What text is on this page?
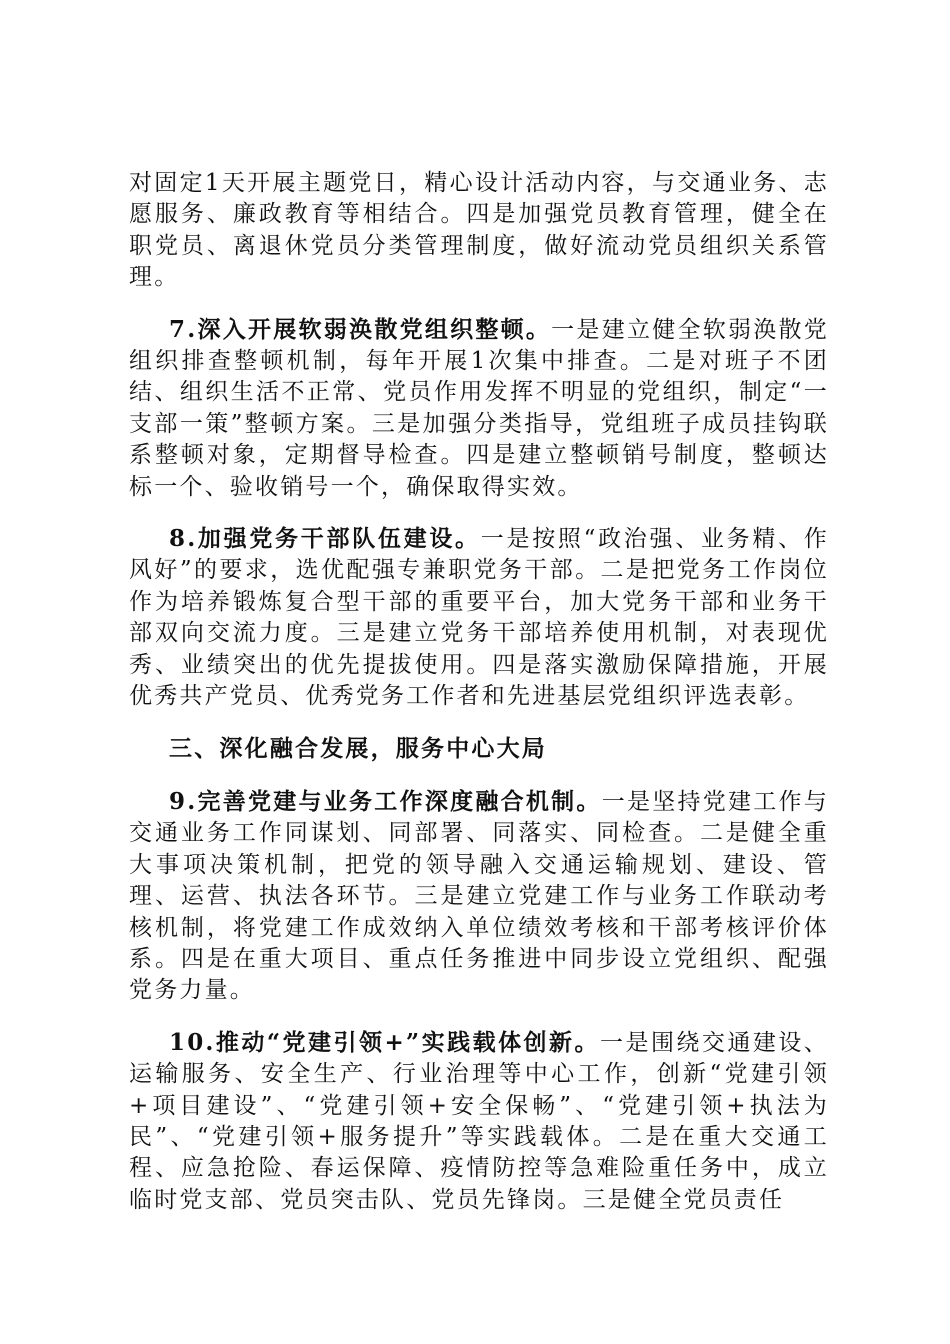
对固定1天开展主题党日，精心设计活动内容，与交通业务、志愿服务、廉政教育等相结合。四是加强党员教育管理，健全在职党员、离退休党员分类管理制度，做好流动党员组织关系管理。

7.深入开展软弱涣散党组织整顿。一是建立健全软弱涣散党组织排查整顿机制，每年开展1次集中排查。二是对班子不团结、组织生活不正常、党员作用发挥不明显的党组织，制定“一支部一策”整顿方案。三是加强分类指导，党组班子成员挂钩联系整顿对象，定期督导检查。四是建立整顿销号制度，整顿达标一个、验收销号一个，确保取得实效。

8.加强党务干部队伍建设。一是按照“政治强、业务精、作风好”的要求，选优配强专兼职党务干部。二是把党务工作岗位作为培养锻炼复合型干部的重要平台，加大党务干部和业务干部双向交流力度。三是建立党务干部培养使用机制，对表现优秀、业绩突出的优先提拔使用。四是落实激励保障措施，开展优秀共产党员、优秀党务工作者和先进基层党组织评选表彰。

三、深化融合发展，服务中心大局

9.完善党建与业务工作深度融合机制。一是坚持党建工作与交通业务工作同谋划、同部署、同落实、同检查。二是健全重大事项决策机制，把党的领导融入交通运输规划、建设、管理、运营、执法各环节。三是建立党建工作与业务工作联动考核机制，将党建工作成效纳入单位绩效考核和干部考核评价体系。四是在重大项目、重点任务推进中同步设立党组织、配强党务力量。

10.推动“党建引领+”实践载体创新。一是围绕交通建设、运输服务、安全生产、行业治理等中心工作，创新“党建引领+项目建设”、“党建引领+安全保畅”、“党建引领+执法为民”、“党建引领+服务提升”等实践载体。二是在重大交通工程、应急抢险、春运保障、疫情防控等急难险重任务中，成立临时党支部、党员突击队、党员先锋岗。三是健全党员责任
